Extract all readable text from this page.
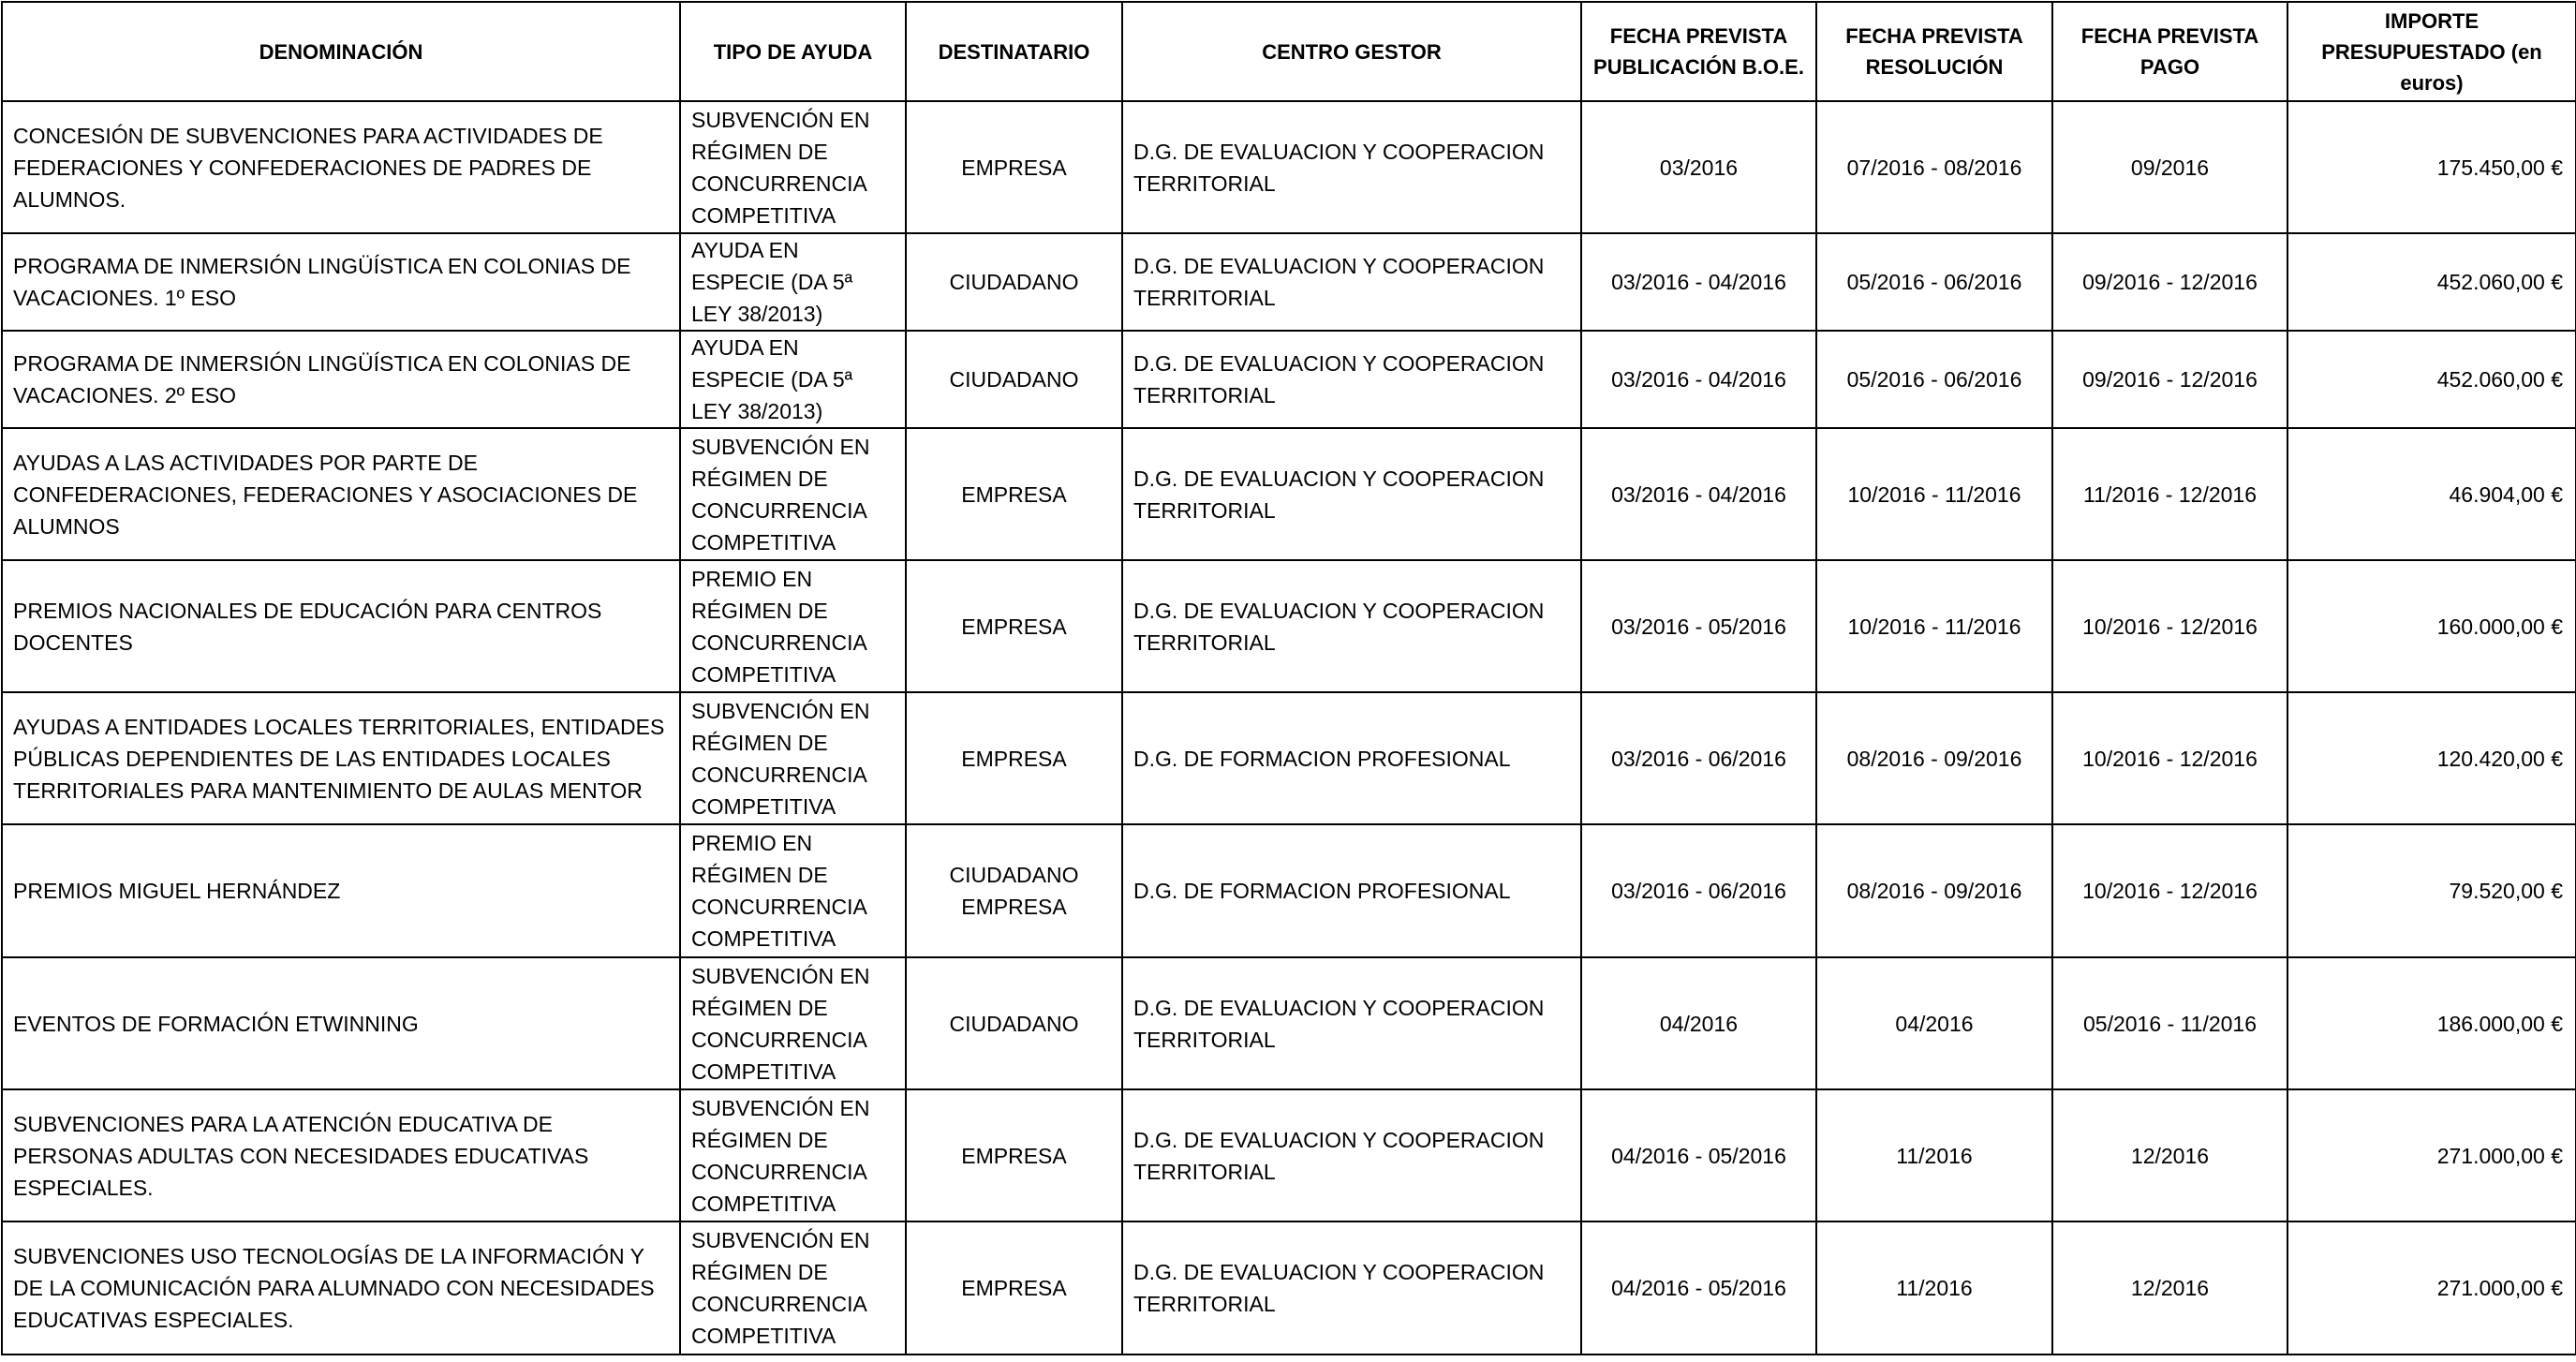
DENOMINACIÓN	TIPO DE AYUDA	DESTINATARIO	CENTRO GESTOR	FECHA PREVISTA PUBLICACIÓN B.O.E.	FECHA PREVISTA RESOLUCIÓN	FECHA PREVISTA PAGO	IMPORTE PRESUPUESTADO (en euros)
CONCESIÓN DE SUBVENCIONES PARA ACTIVIDADES DE FEDERACIONES Y CONFEDERACIONES DE PADRES DE ALUMNOS.	SUBVENCIÓN EN RÉGIMEN DE CONCURRENCIA COMPETITIVA	EMPRESA	D.G. DE EVALUACION Y COOPERACION TERRITORIAL	03/2016	07/2016 - 08/2016	09/2016	175.450,00 €
PROGRAMA DE INMERSIÓN LINGÜÍSTICA EN COLONIAS DE VACACIONES. 1º ESO	AYUDA EN ESPECIE (DA 5ª LEY 38/2013)	CIUDADANO	D.G. DE EVALUACION Y COOPERACION TERRITORIAL	03/2016 - 04/2016	05/2016 - 06/2016	09/2016 - 12/2016	452.060,00 €
PROGRAMA DE INMERSIÓN LINGÜÍSTICA EN COLONIAS DE VACACIONES. 2º ESO	AYUDA EN ESPECIE (DA 5ª LEY 38/2013)	CIUDADANO	D.G. DE EVALUACION Y COOPERACION TERRITORIAL	03/2016 - 04/2016	05/2016 - 06/2016	09/2016 - 12/2016	452.060,00 €
AYUDAS A LAS ACTIVIDADES POR PARTE DE CONFEDERACIONES, FEDERACIONES Y ASOCIACIONES DE ALUMNOS	SUBVENCIÓN EN RÉGIMEN DE CONCURRENCIA COMPETITIVA	EMPRESA	D.G. DE EVALUACION Y COOPERACION TERRITORIAL	03/2016 - 04/2016	10/2016 - 11/2016	11/2016 - 12/2016	46.904,00 €
PREMIOS NACIONALES DE EDUCACIÓN PARA CENTROS DOCENTES	PREMIO EN RÉGIMEN DE CONCURRENCIA COMPETITIVA	EMPRESA	D.G. DE EVALUACION Y COOPERACION TERRITORIAL	03/2016 - 05/2016	10/2016 - 11/2016	10/2016 - 12/2016	160.000,00 €
AYUDAS A ENTIDADES LOCALES TERRITORIALES, ENTIDADES PÚBLICAS DEPENDIENTES DE LAS ENTIDADES LOCALES TERRITORIALES PARA MANTENIMIENTO DE AULAS MENTOR	SUBVENCIÓN EN RÉGIMEN DE CONCURRENCIA COMPETITIVA	EMPRESA	D.G. DE FORMACION PROFESIONAL	03/2016 - 06/2016	08/2016 - 09/2016	10/2016 - 12/2016	120.420,00 €
PREMIOS MIGUEL HERNÁNDEZ	PREMIO EN RÉGIMEN DE CONCURRENCIA COMPETITIVA	CIUDADANO EMPRESA	D.G. DE FORMACION PROFESIONAL	03/2016 - 06/2016	08/2016 - 09/2016	10/2016 - 12/2016	79.520,00 €
EVENTOS DE FORMACIÓN ETWINNING	SUBVENCIÓN EN RÉGIMEN DE CONCURRENCIA COMPETITIVA	CIUDADANO	D.G. DE EVALUACION Y COOPERACION TERRITORIAL	04/2016	04/2016	05/2016 - 11/2016	186.000,00 €
SUBVENCIONES PARA LA ATENCIÓN EDUCATIVA DE PERSONAS ADULTAS CON NECESIDADES EDUCATIVAS ESPECIALES.	SUBVENCIÓN EN RÉGIMEN DE CONCURRENCIA COMPETITIVA	EMPRESA	D.G. DE EVALUACION Y COOPERACION TERRITORIAL	04/2016 - 05/2016	11/2016	12/2016	271.000,00 €
SUBVENCIONES USO TECNOLOGÍAS DE LA INFORMACIÓN Y DE LA COMUNICACIÓN PARA ALUMNADO CON NECESIDADES EDUCATIVAS ESPECIALES.	SUBVENCIÓN EN RÉGIMEN DE CONCURRENCIA COMPETITIVA	EMPRESA	D.G. DE EVALUACION Y COOPERACION TERRITORIAL	04/2016 - 05/2016	11/2016	12/2016	271.000,00 €
